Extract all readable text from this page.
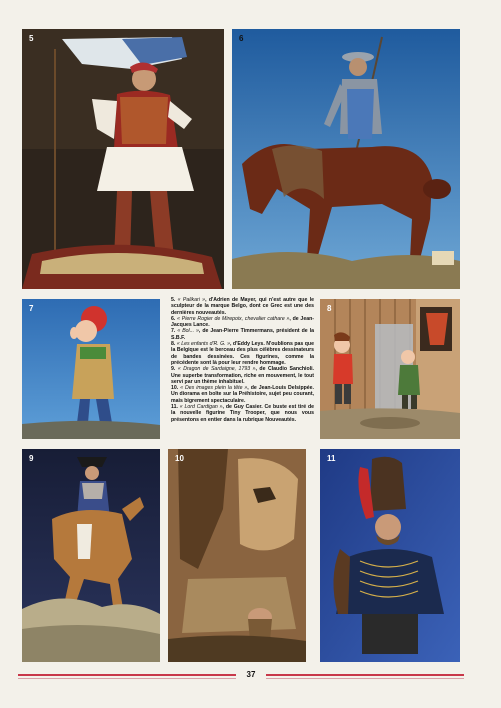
5	6
7

5. « Palikari », d'Adrien de Mayer, qui n'est autre que le sculpteur de la marque Belgo, dont ce Grec est une des dernières nouveautés.

6. « Pierre Rogier de Mirepoix, chevalier cathare », de Jean-Jacques Lance.

7. « Bol... », de Jean-Pierre Timmermans, président de la S.B.F.

8. « Les enfants d'R. G. », d'Eddy Leys. N'oublions pas que la Belgique est le berceau des plus célèbres dessinateurs de bandes dessinées. Ces figurines, comme la précédente sont là pour leur rendre hommage.

9. « Dragon de Sardaigne, 1793 », de Claudio Sanchioli. Une superbe transformation, riche en mouvement, le tout servi par un thème inhabituel.

10. « Des images plein la tête », de Jean-Louis Delsippée. Un diorama en boîte sur la Préhistoire, sujet peu courant, mais bigrement spectaculaire.

11. « Lord Cardigan », de Guy Casier. Ce buste est tiré de la nouvelle figurine Tiny Trooper, que nous vous présentons en entier dans la rubrique Nouveautés.

8
9	10	11
37
